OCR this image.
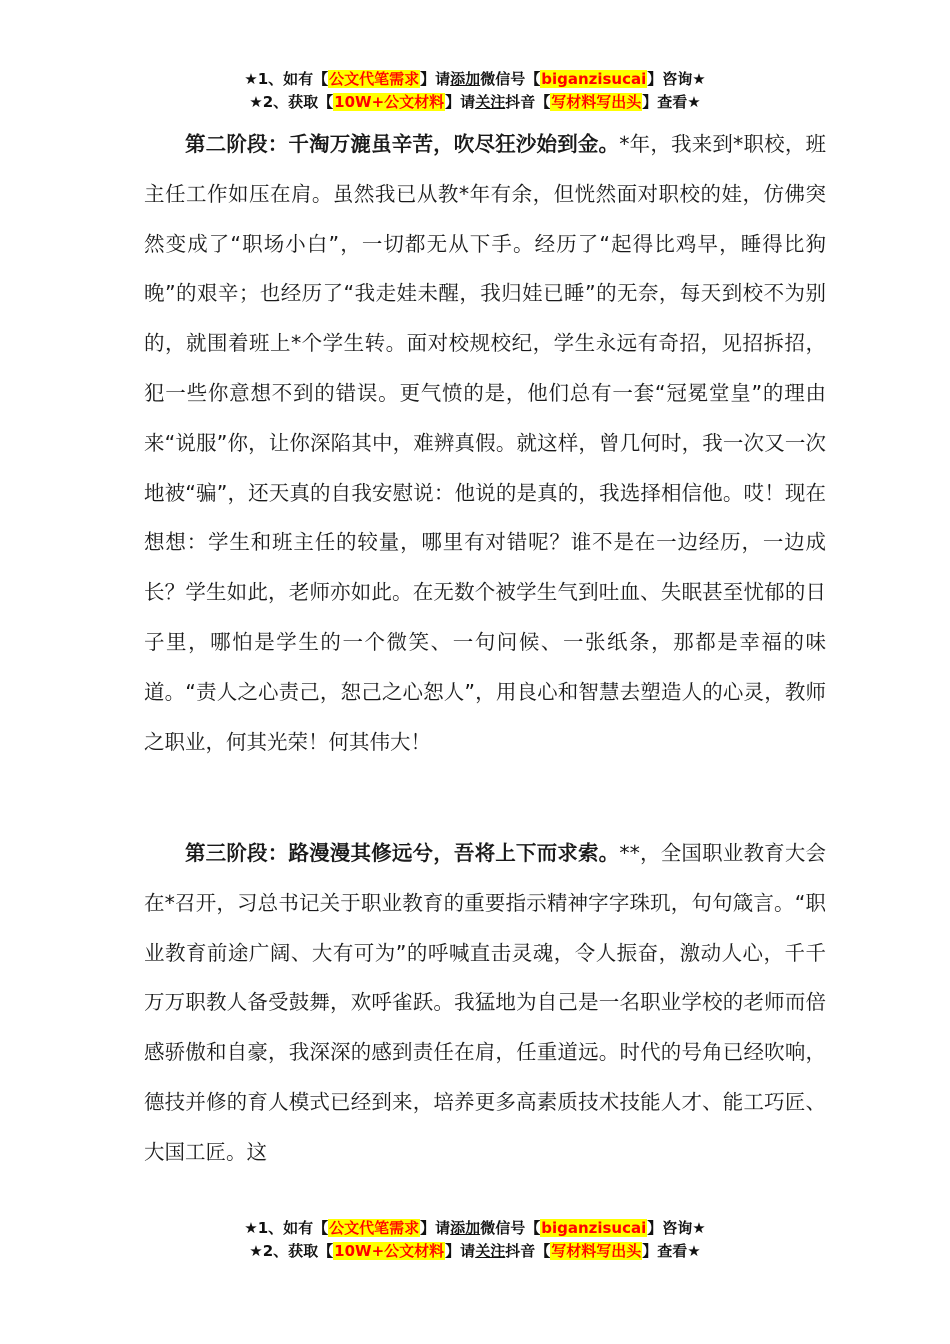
★1、如有【公文代笔需求】请添加微信号【biganzisucai】咨询★
★2、获取【10W+公文材料】请关注抖音【写材料写出头】查看★

第二阶段：千淘万漉虽辛苦，吹尽狂沙始到金。*年，我来到*职校，班主任工作如压在肩。虽然我已从教*年有余，但恍然面对职校的娃，仿佛突然变成了“职场小白”，一切都无从下手。经历了“起得比鸡早，睡得比狗晚”的艰辛；也经历了“我走娃未醒，我归娃已睡”的无奈，每天到校不为别的，就围着班上*个学生转。面对校规校纪，学生永远有奇招，见招拆招，犯一些你意想不到的错误。更气愤的是，他们总有一套“冠冕堂皇”的理由来“说服”你，让你深陷其中，难辨真假。就这样，曾几何时，我一次又一次地被“骗”，还天真的自我安慰说：他说的是真的，我选择相信他。哎！现在想想：学生和班主任的较量，哪里有对错呢？谁不是在一边经历，一边成长？学生如此，老师亦如此。在无数个被学生气到吐血、失眠甚至忧郁的日子里，哪怕是学生的一个微笑、一句问候、一张纸条，那都是幸福的味道。“责人之心责己，恕己之心恕人”，用良心和智慧去塑造人的心灵，教师之职业，何其光荣！何其伟大！

第三阶段：路漫漫其修远兮，吾将上下而求索。**，全国职业教育大会在*召开，习总书记关于职业教育的重要指示精神字字珠玑，句句箴言。“职业教育前途广阔、大有可为”的呼喊直击灵魂，令人振奋，激动人心，千千万万职教人备受鼓舞，欢呼雀跃。我猛地为自己是一名职业学校的老师而倍感骄傲和自豪，我深深的感到责任在肩，任重道远。时代的号角已经吹响，德技并修的育人模式已经到来，培养更多高素质技术技能人才、能工巧匠、大国工匠。这

★1、如有【公文代笔需求】请添加微信号【biganzisucai】咨询★
★2、获取【10W+公文材料】请关注抖音【写材料写出头】查看★
